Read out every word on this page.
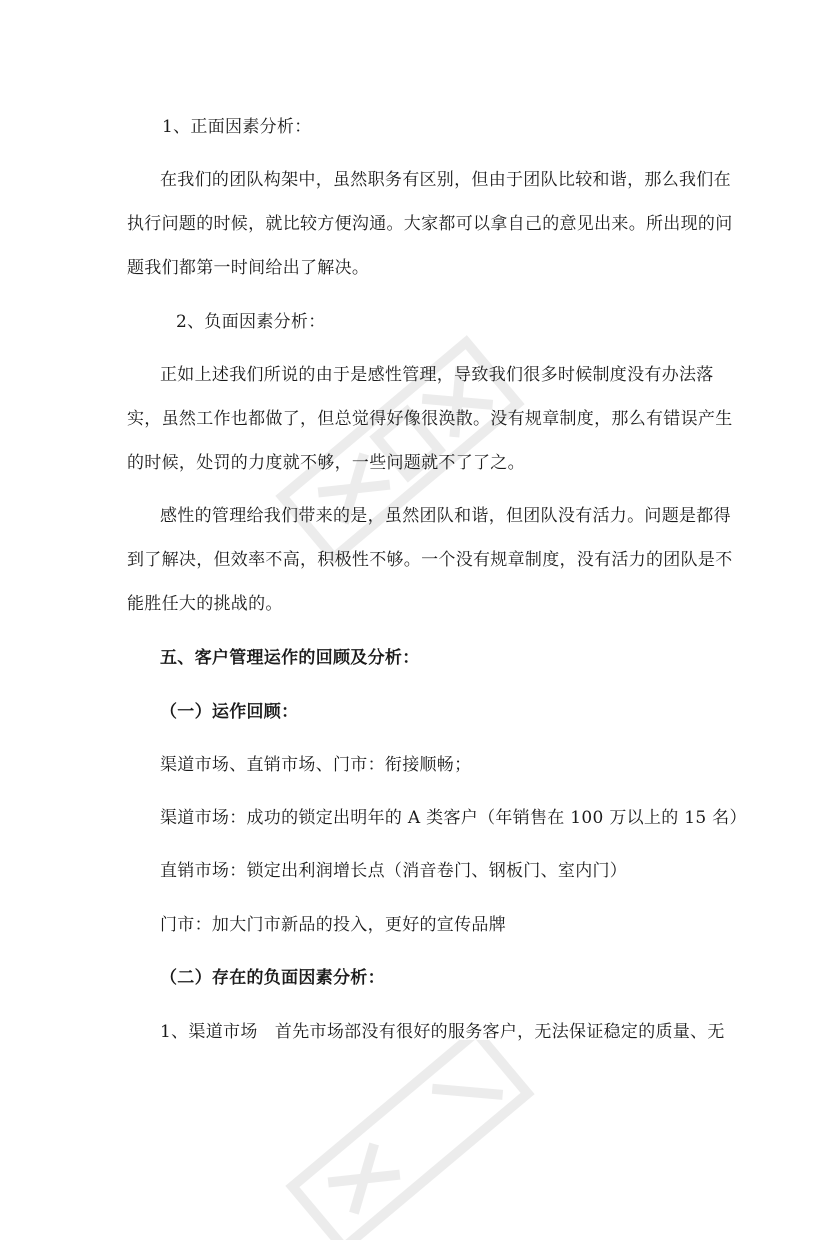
1、正面因素分析：
在我们的团队构架中，虽然职务有区别，但由于团队比较和谐，那么我们在
执行问题的时候，就比较方便沟通。大家都可以拿自己的意见出来。所出现的问
题我们都第一时间给出了解决。
2、负面因素分析：
正如上述我们所说的由于是感性管理，导致我们很多时候制度没有办法落
实，虽然工作也都做了，但总觉得好像很涣散。没有规章制度，那么有错误产生
的时候，处罚的力度就不够，一些问题就不了了之。
感性的管理给我们带来的是，虽然团队和谐，但团队没有活力。问题是都得
到了解决，但效率不高，积极性不够。一个没有规章制度，没有活力的团队是不
能胜任大的挑战的。
五、客户管理运作的回顾及分析：
（一）运作回顾：
渠道市场、直销市场、门市：衔接顺畅；
渠道市场：成功的锁定出明年的 A 类客户（年销售在 100 万以上的 15 名）
直销市场：锁定出利润增长点（消音卷门、钢板门、室内门）
门市：加大门市新品的投入，更好的宣传品牌
（二）存在的负面因素分析：
1、渠道市场　首先市场部没有很好的服务客户，无法保证稳定的质量、无
